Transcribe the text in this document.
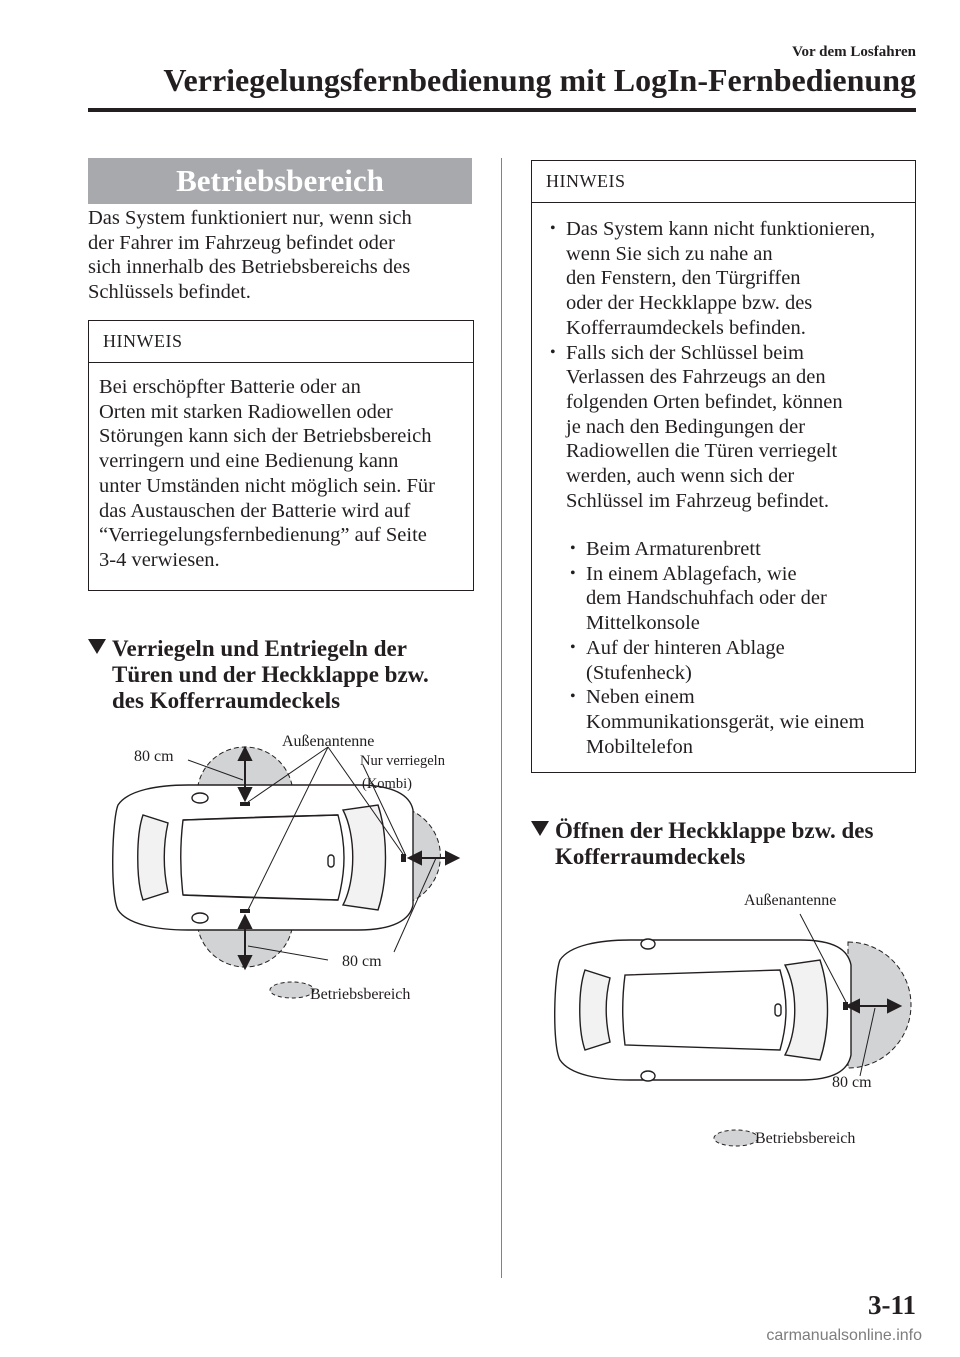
Vor dem Losfahren
Verriegelungsfernbedienung mit LogIn-Fernbedienung
Betriebsbereich
Das System funktioniert nur, wenn sich
der Fahrer im Fahrzeug befindet oder
sich innerhalb des Betriebsbereichs des
Schlüssels befindet.
HINWEIS
Bei erschöpfter Batterie oder an
Orten mit starken Radiowellen oder
Störungen kann sich der Betriebsbereich
verringern und eine Bedienung kann
unter Umständen nicht möglich sein. Für
das Austauschen der Batterie wird auf
“Verriegelungsfernbedienung” auf Seite
3-4 verwiesen.
Verriegeln und Entriegeln der
Türen und der Heckklappe bzw.
des Kofferraumdeckels
80 cm
Außenantenne
Nur verriegeln
(Kombi)
80 cm
Betriebsbereich
HINWEIS
• Das System kann nicht funktionieren,
wenn Sie sich zu nahe an
den Fenstern, den Türgriffen
oder der Heckklappe bzw. des
Kofferraumdeckels befinden.
• Falls sich der Schlüssel beim
Verlassen des Fahrzeugs an den
folgenden Orten befindet, können
je nach den Bedingungen der
Radiowellen die Türen verriegelt
werden, auch wenn sich der
Schlüssel im Fahrzeug befindet.
• Beim Armaturenbrett
• In einem Ablagefach, wie
dem Handschuhfach oder der
Mittelkonsole
• Auf der hinteren Ablage
(Stufenheck)
• Neben einem
Kommunikationsgerät, wie einem
Mobiltelefon
Öffnen der Heckklappe bzw. des
Kofferraumdeckels
Außenantenne
80 cm
Betriebsbereich
3-11
carmanualsonline.info
